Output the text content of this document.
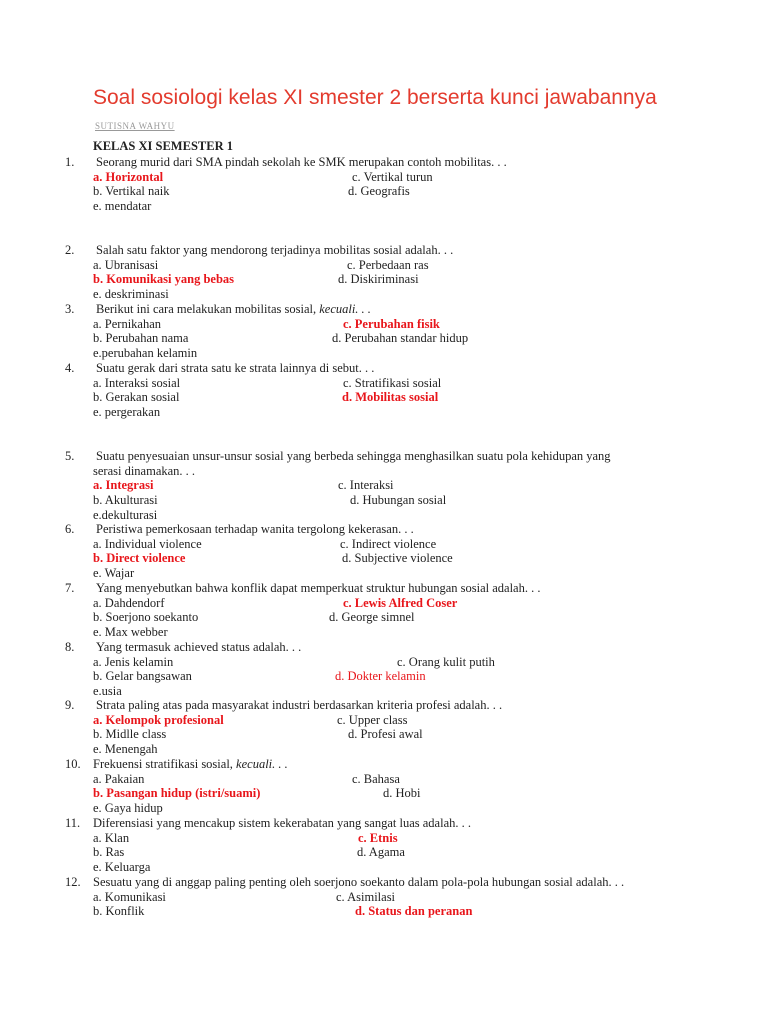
Soal sosiologi kelas XI smester 2 berserta kunci jawabannya
SUTISNA WAHYU
KELAS XI SEMESTER 1
1. Seorang murid dari SMA pindah sekolah ke SMK merupakan contoh mobilitas. . .
a. Horizontal	c. Vertikal turun
b. Vertikal naik	d. Geografis
e. mendatar
2. Salah satu faktor yang mendorong terjadinya mobilitas sosial adalah. . .
a. Ubranisasi	c. Perbedaan ras
b. Komunikasi yang bebas	d. Diskiriminasi
e. deskriminasi
3. Berikut ini cara melakukan mobilitas sosial, kecuali. . .
a. Pernikahan	c. Perubahan fisik
b. Perubahan nama	d. Perubahan standar hidup
e.perubahan kelamin
4. Suatu gerak dari strata satu ke strata lainnya di sebut. . .
a. Interaksi sosial	c. Stratifikasi sosial
b. Gerakan sosial	d. Mobilitas sosial
e. pergerakan
5. Suatu penyesuaian unsur-unsur sosial yang berbeda sehingga menghasilkan suatu pola kehidupan yang
serasi dinamakan. . .
a. Integrasi	c. Interaksi
b. Akulturasi	d. Hubungan sosial
e.dekulturasi
6. Peristiwa pemerkosaan terhadap wanita tergolong kekerasan. . .
a. Individual violence	c. Indirect violence
b. Direct violence	d. Subjective violence
e. Wajar
7. Yang menyebutkan bahwa konflik dapat memperkuat struktur hubungan sosial adalah. . .
a. Dahdendorf	c. Lewis Alfred Coser
b. Soerjono soekanto	d. George simnel
e. Max webber
8. Yang termasuk achieved status adalah. . .
a. Jenis kelamin	c. Orang kulit putih
b. Gelar bangsawan	d. Dokter kelamin
e.usia
9. Strata paling atas pada masyarakat industri berdasarkan kriteria profesi adalah. . .
a. Kelompok profesional	c. Upper class
b. Midlle class	d. Profesi awal
e. Menengah
10. Frekuensi stratifikasi sosial, kecuali. . .
a. Pakaian	c. Bahasa
b. Pasangan hidup (istri/suami)	d. Hobi
e. Gaya hidup
11. Diferensiasi yang mencakup sistem kekerabatan yang sangat luas adalah. . .
a. Klan	c. Etnis
b. Ras	d. Agama
e. Keluarga
12. Sesuatu yang di anggap paling penting oleh soerjono soekanto dalam pola-pola hubungan sosial adalah. . .
a. Komunikasi	c. Asimilasi
b. Konflik	d. Status dan peranan
